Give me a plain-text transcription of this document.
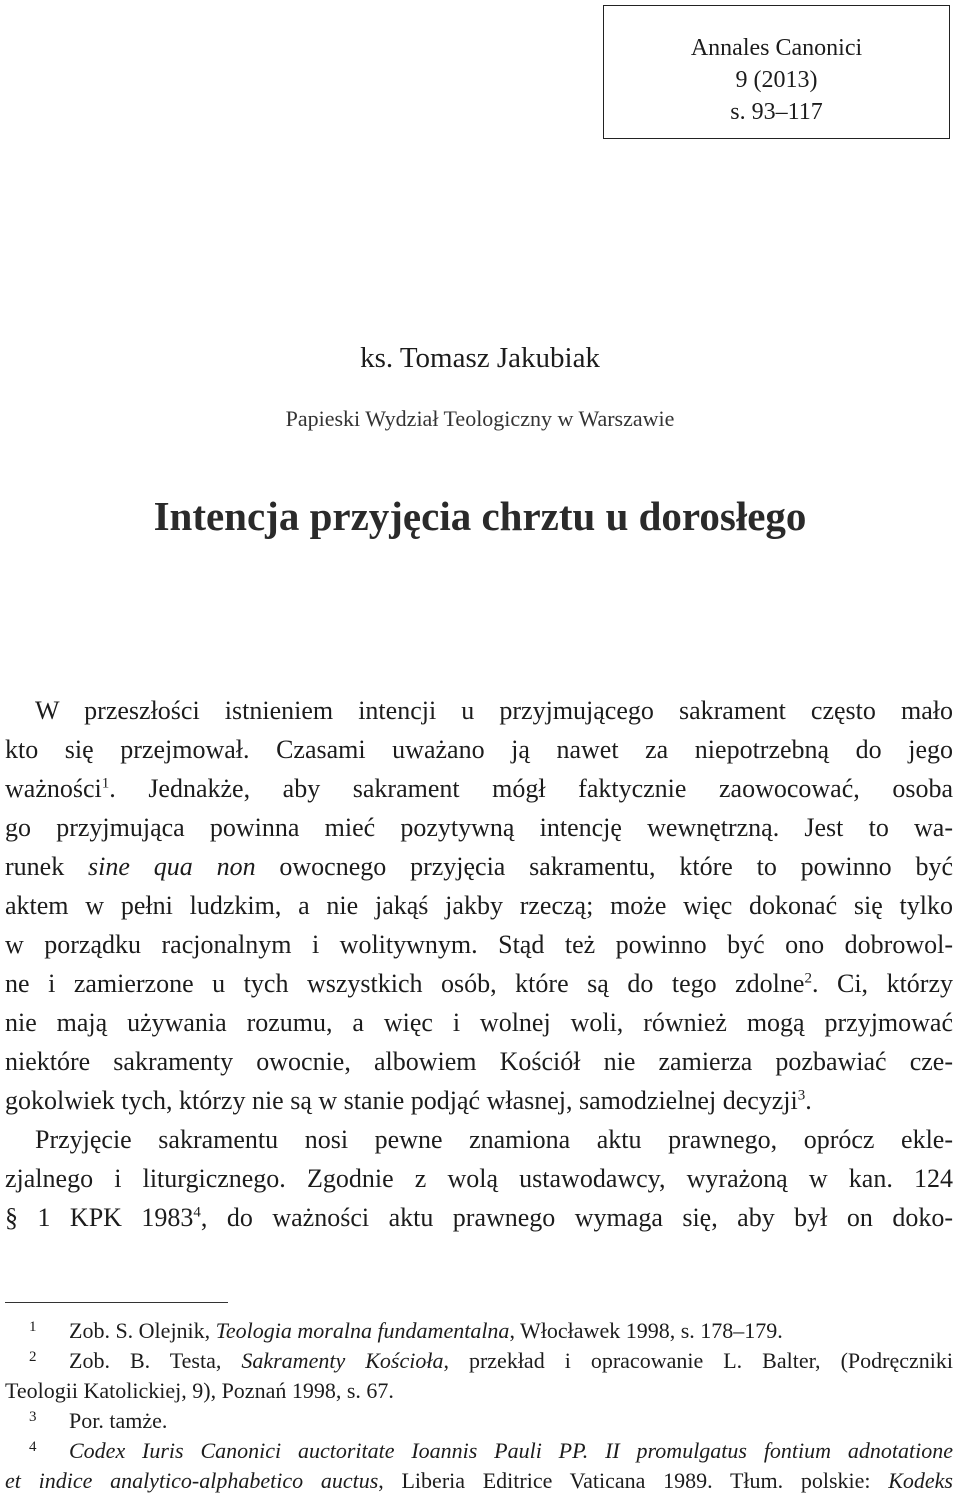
Annales Canonici
9 (2013)
s. 93–117
ks. Tomasz Jakubiak
Papieski Wydział Teologiczny w Warszawie
Intencja przyjęcia chrztu u dorosłego
W przeszłości istnieniem intencji u przyjmującego sakrament często mało
kto się przejmował. Czasami uważano ją nawet za niepotrzebną do jego
ważności$^1$. Jednakże, aby sakrament mógł faktycznie zaowocować, osoba
go przyjmująca powinna mieć pozytywną intencję wewnętrzną. Jest to wa-
runek sine qua non owocnego przyjęcia sakramentu, które to powinno być
aktem w pełni ludzkim, a nie jakąś jakby rzeczą; może więc dokonać się tylko
w porządku racjonalnym i wolitywnym. Stąd też powinno być ono dobrowol-
ne i zamierzone u tych wszystkich osób, które są do tego zdolne$^2$. Ci, którzy
nie mają używania rozumu, a więc i wolnej woli, również mogą przyjmować
niektóre sakramenty owocnie, albowiem Kościół nie zamierza pozbawiać cze-
gokolwiek tych, którzy nie są w stanie podjąć własnej, samodzielnej decyzji$^3$.
Przyjęcie sakramentu nosi pewne znamiona aktu prawnego, oprócz ekle-
zjalnego i liturgicznego. Zgodnie z wolą ustawodawcy, wyrażoną w kan. 124
§ 1 KPK 1983$^4$, do ważności aktu prawnego wymaga się, aby był on doko-
1 Zob. S. Olejnik, Teologia moralna fundamentalna, Włocławek 1998, s. 178–179.
2 Zob. B. Testa, Sakramenty Kościoła, przekład i opracowanie L. Balter, (Podręczniki
Teologii Katolickiej, 9), Poznań 1998, s. 67.
3 Por. tamże.
4 Codex Iuris Canonici auctoritate Ioannis Pauli PP. II promulgatus fontium adnotatione
et indice analytico-alphabetico auctus, Liberia Editrice Vaticana 1989. Tłum. polskie: Kodeks
